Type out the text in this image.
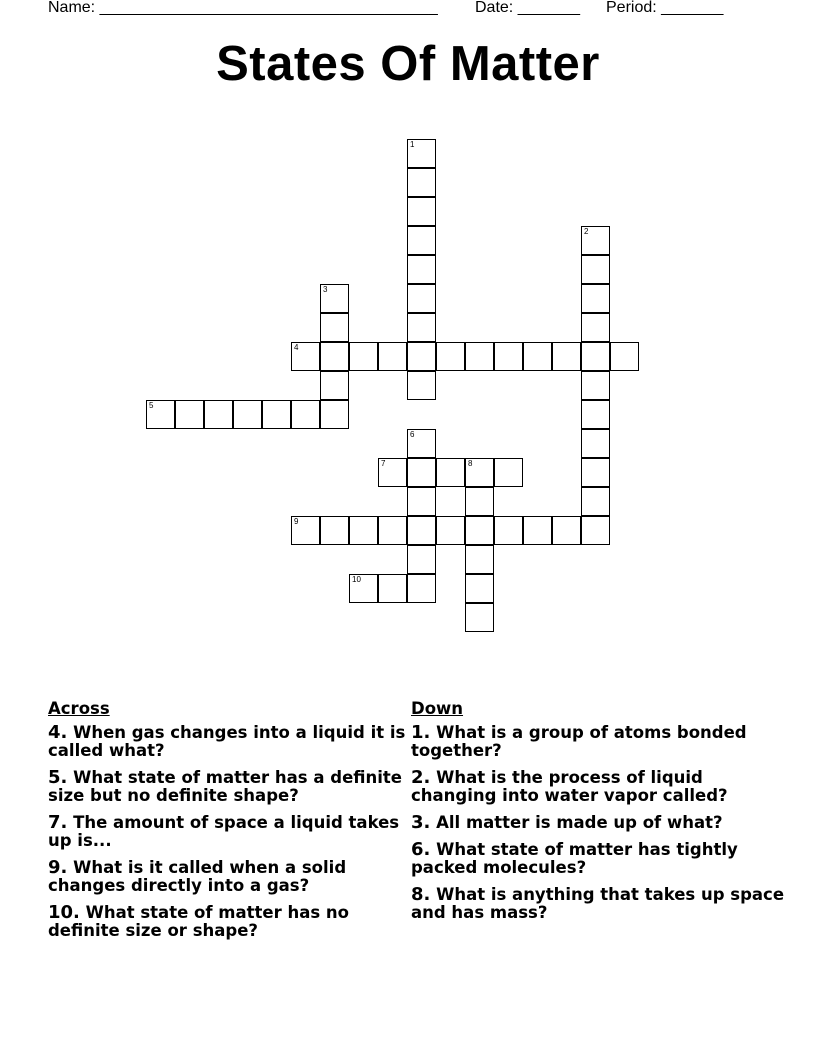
Name: ______________________________________ Date: _______ Period: _______
States Of Matter
1
2
3
4
5
6
7	8
9
10
Across
4. When gas changes into a liquid it is called what?
5. What state of matter has a definite size but no definite shape?
7. The amount of space a liquid takes up is...
9. What is it called when a solid changes directly into a gas?
10. What state of matter has no definite size or shape?
Down
1. What is a group of atoms bonded together?
2. What is the process of liquid changing into water vapor called?
3. All matter is made up of what?
6. What state of matter has tightly packed molecules?
8. What is anything that takes up space and has mass?
